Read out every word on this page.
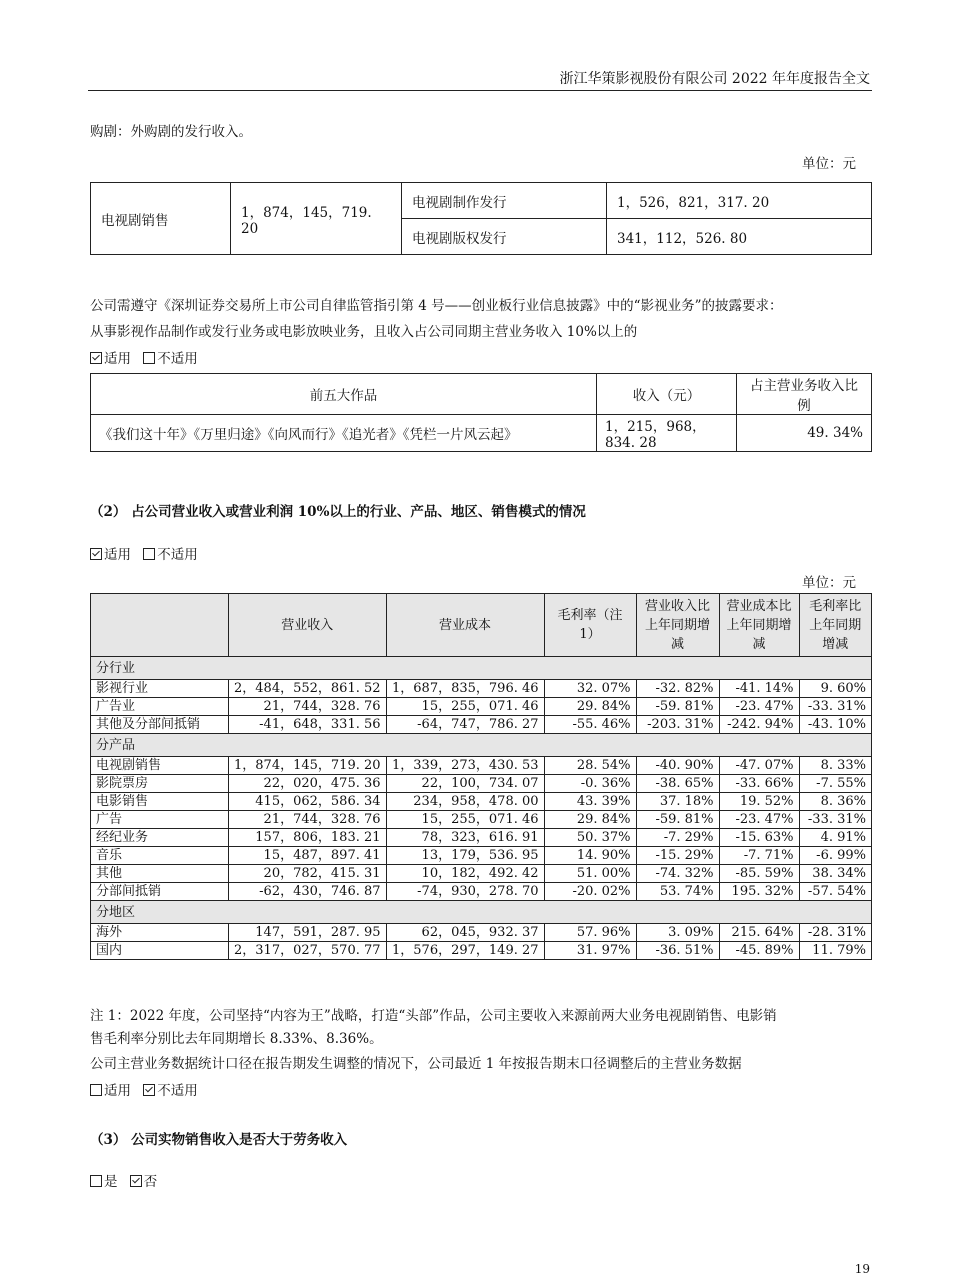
浙江华策影视股份有限公司 2022 年年度报告全文
购剧：外购剧的发行收入。
单位：元
电视剧销售	1，874，145，719. 20	电视剧制作发行	1，526，821，317. 20
		电视剧版权发行	341，112，526. 80
公司需遵守《深圳证券交易所上市公司自律监管指引第 4 号——创业板行业信息披露》中的“影视业务”的披露要求：
从事影视作品制作或发行业务或电影放映业务，且收入占公司同期主营业务收入 10%以上的
适用 不适用
前五大作品	收入（元）	占主营业务收入比例
《我们这十年》《万里归途》《向风而行》《追光者》《凭栏一片风云起》	1，215，968，834. 28	49. 34%
（2） 占公司营业收入或营业利润 10%以上的行业、产品、地区、销售模式的情况
适用 不适用
单位：元
	营业收入	营业成本	毛利率（注 1）	营业收入比上年同期增减	营业成本比上年同期增减	毛利率比上年同期增减
分行业						
影视行业	2，484，552，861. 52	1，687，835，796. 46	32. 07%	-32. 82%	-41. 14%	9. 60%
广告业	21，744，328. 76	15，255，071. 46	29. 84%	-59. 81%	-23. 47%	-33. 31%
其他及分部间抵销	-41，648，331. 56	-64，747，786. 27	-55. 46%	-203. 31%	-242. 94%	-43. 10%
分产品						
电视剧销售	1，874，145，719. 20	1，339，273，430. 53	28. 54%	-40. 90%	-47. 07%	8. 33%
影院票房	22，020，475. 36	22，100，734. 07	-0. 36%	-38. 65%	-33. 66%	-7. 55%
电影销售	415，062，586. 34	234，958，478. 00	43. 39%	37. 18%	19. 52%	8. 36%
广告	21，744，328. 76	15，255，071. 46	29. 84%	-59. 81%	-23. 47%	-33. 31%
经纪业务	157，806，183. 21	78，323，616. 91	50. 37%	-7. 29%	-15. 63%	4. 91%
音乐	15，487，897. 41	13，179，536. 95	14. 90%	-15. 29%	-7. 71%	-6. 99%
其他	20，782，415. 31	10，182，492. 42	51. 00%	-74. 32%	-85. 59%	38. 34%
分部间抵销	-62，430，746. 87	-74，930，278. 70	-20. 02%	53. 74%	195. 32%	-57. 54%
分地区						
海外	147，591，287. 95	62，045，932. 37	57. 96%	3. 09%	215. 64%	-28. 31%
国内	2，317，027，570. 77	1，576，297，149. 27	31. 97%	-36. 51%	-45. 89%	11. 79%
注 1：2022 年度，公司坚持“内容为王”战略，打造“头部”作品，公司主要收入来源前两大业务电视剧销售、电影销
售毛利率分别比去年同期增长 8.33%、8.36%。
公司主营业务数据统计口径在报告期发生调整的情况下，公司最近 1 年按报告期末口径调整后的主营业务数据
适用 不适用
（3） 公司实物销售收入是否大于劳务收入
是 否
19
